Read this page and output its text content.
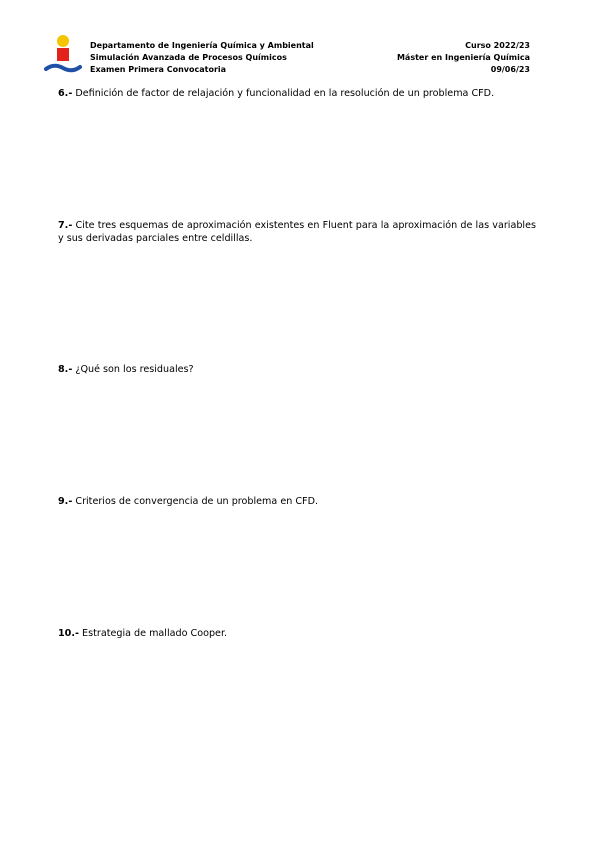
Departamento de Ingeniería Química y Ambiental
Simulación Avanzada de Procesos Químicos
Examen Primera Convocatoria
Curso 2022/23
Máster en Ingeniería Química
09/06/23
6.- Definición de factor de relajación y funcionalidad en la resolución de un problema CFD.
7.- Cite tres esquemas de aproximación existentes en Fluent para la aproximación de las variables y sus derivadas parciales entre celdillas.
8.- ¿Qué son los residuales?
9.- Criterios de convergencia de un problema en CFD.
10.- Estrategia de mallado Cooper.
